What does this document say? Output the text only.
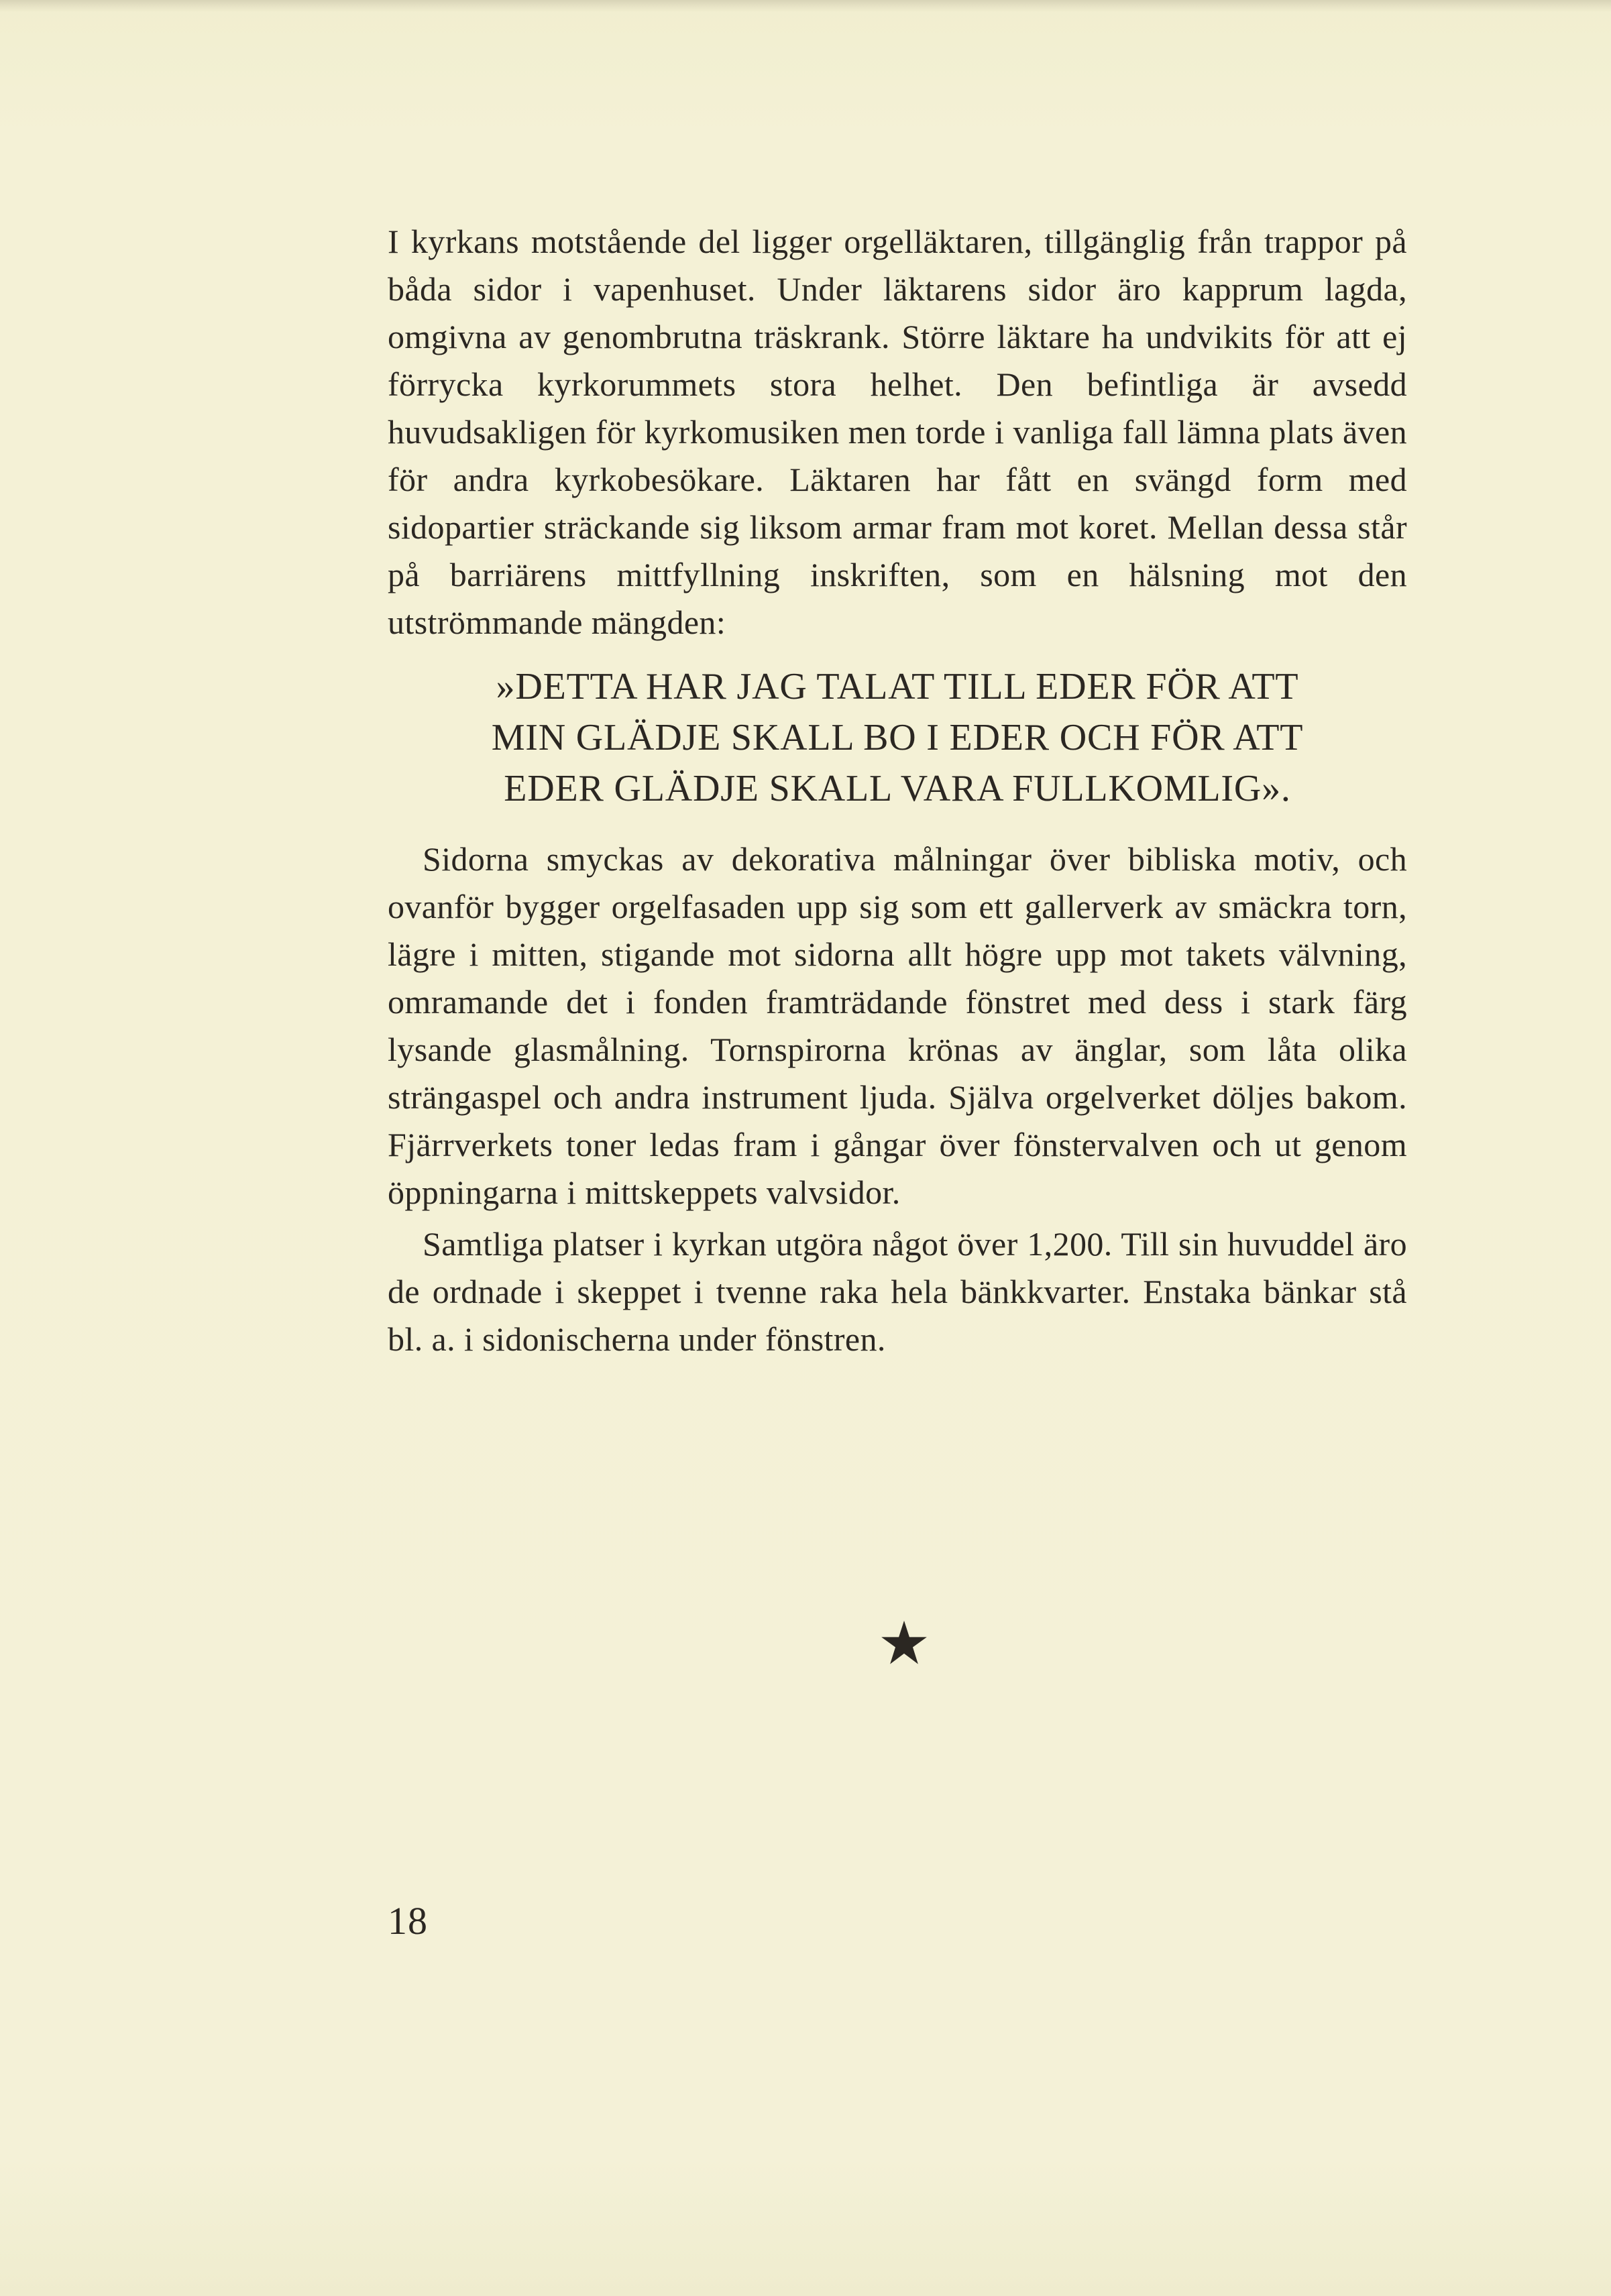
I kyrkans motstående del ligger orgelläktaren, tillgänglig från trappor på båda sidor i vapenhuset. Under läktarens sidor äro kapprum lagda, omgivna av genombrutna träskrank. Större läktare ha undvikits för att ej förrycka kyrkorummets stora helhet. Den befintliga är avsedd huvudsakligen för kyrkomusiken men torde i vanliga fall lämna plats även för andra kyrkobesökare. Läktaren har fått en svängd form med sidopartier sträckande sig liksom armar fram mot koret. Mellan dessa står på barriärens mittfyllning inskriften, som en hälsning mot den utströmmande mängden:

»DETTA HAR JAG TALAT TILL EDER FÖR ATT
MIN GLÄDJE SKALL BO I EDER OCH FÖR ATT
EDER GLÄDJE SKALL VARA FULLKOMLIG».

Sidorna smyckas av dekorativa målningar över bibliska motiv, och ovanför bygger orgelfasaden upp sig som ett gallerverk av smäckra torn, lägre i mitten, stigande mot sidorna allt högre upp mot takets välvning, omramande det i fonden framträdande fönstret med dess i stark färg lysande glasmålning. Tornspirorna krönas av änglar, som låta olika strängaspel och andra instrument ljuda. Själva orgelverket döljes bakom. Fjärrverkets toner ledas fram i gångar över fönstervalven och ut genom öppningarna i mittskeppets valvsidor.

Samtliga platser i kyrkan utgöra något över 1,200. Till sin huvuddel äro de ordnade i skeppet i tvenne raka hela bänkkvarter. Enstaka bänkar stå bl. a. i sidonischerna under fönstren.

18
